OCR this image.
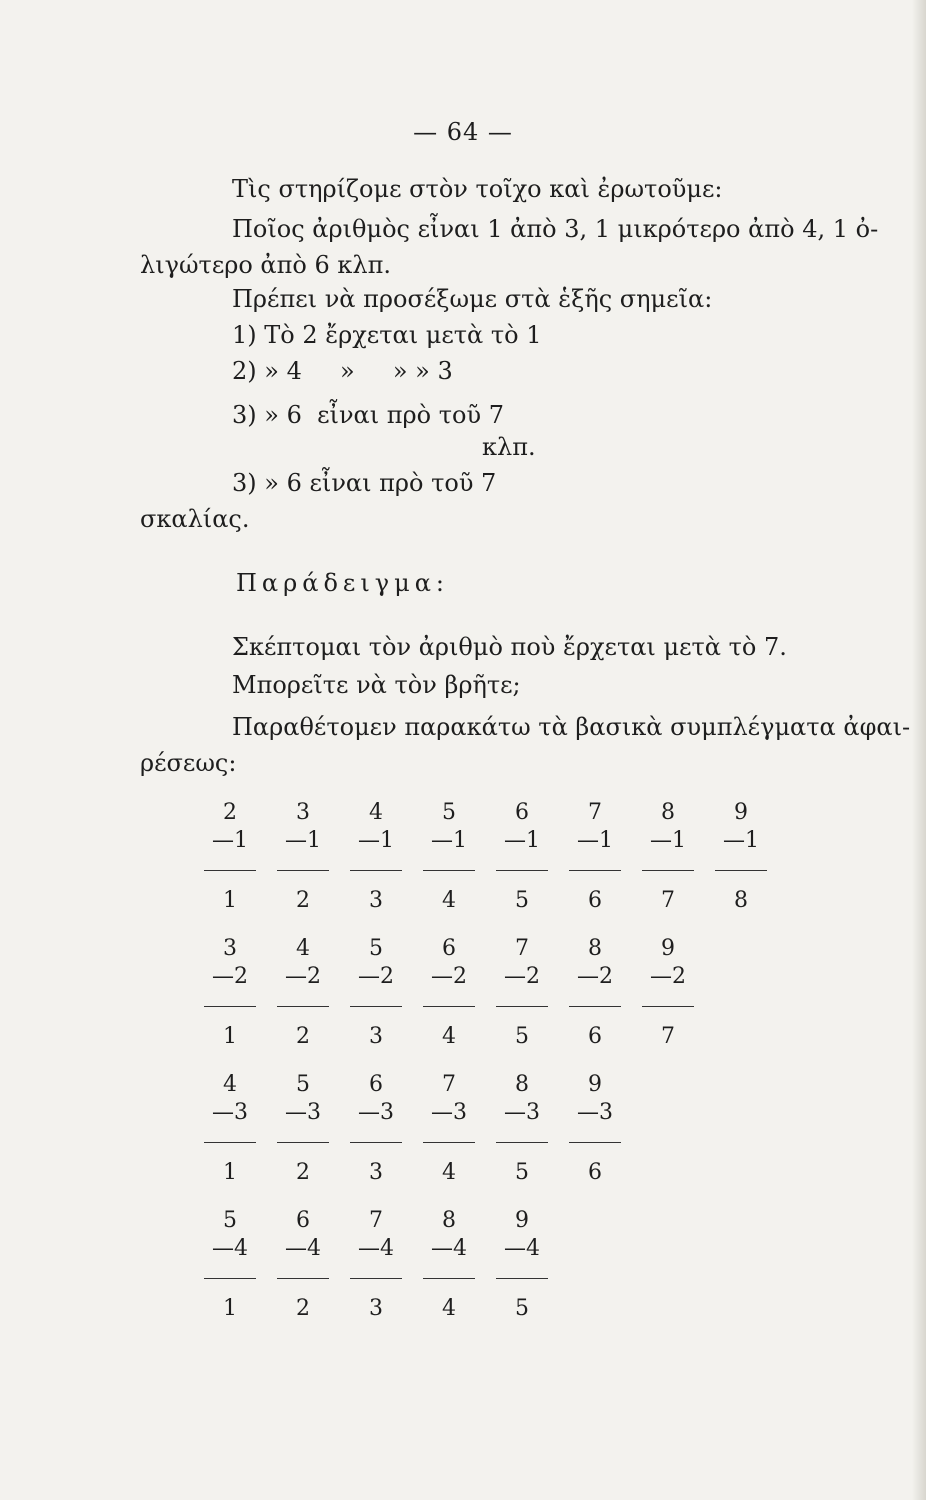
— 64 —
Τὶς στηρίζομε στὸν τοῖχο καὶ ἐρωτοῦμε:
Ποῖος ἀριθμὸς εἶναι 1 ἀπὸ 3, 1 μικρότερο ἀπὸ 4, 1 ὀ-
λιγώτερο ἀπὸ 6 κλπ.
Πρέπει νὰ προσέξωμε στὰ ἑξῆς σημεῖα:
1) Τὸ 2 ἔρχεται μετὰ τὸ 1
2) » 4     »     » » 3
3) » 6  εἶναι πρὸ τοῦ 7
κλπ.
3) » 6 εἶναι πρὸ τοῦ 7
σκαλίας.
Παράδειγμα:
Σκέπτομαι τὸν ἀριθμὸ ποὺ ἔρχεται μετὰ τὸ 7.
Μπορεῖτε νὰ τὸν βρῆτε;
Παραθέτομεν παρακάτω τὰ βασικὰ συμπλέγματα ἀφαι-
ρέσεως:
2	3	4	5	6	7	8	9
—1 —1 —1 —1 —1 —1 —1 —1
1	2	3	4	5	6	7	8
3	4	5	6	7	8	9
—2 —2 —2 —2 —2 —2 —2
1	2	3	4	5	6	7
4	5	6	7	8	9
—3 —3 —3 —3 —3 —3
1	2	3	4	5	6
5	6	7	8	9
—4 —4 —4 —4 —4
1	2	3	4	5
